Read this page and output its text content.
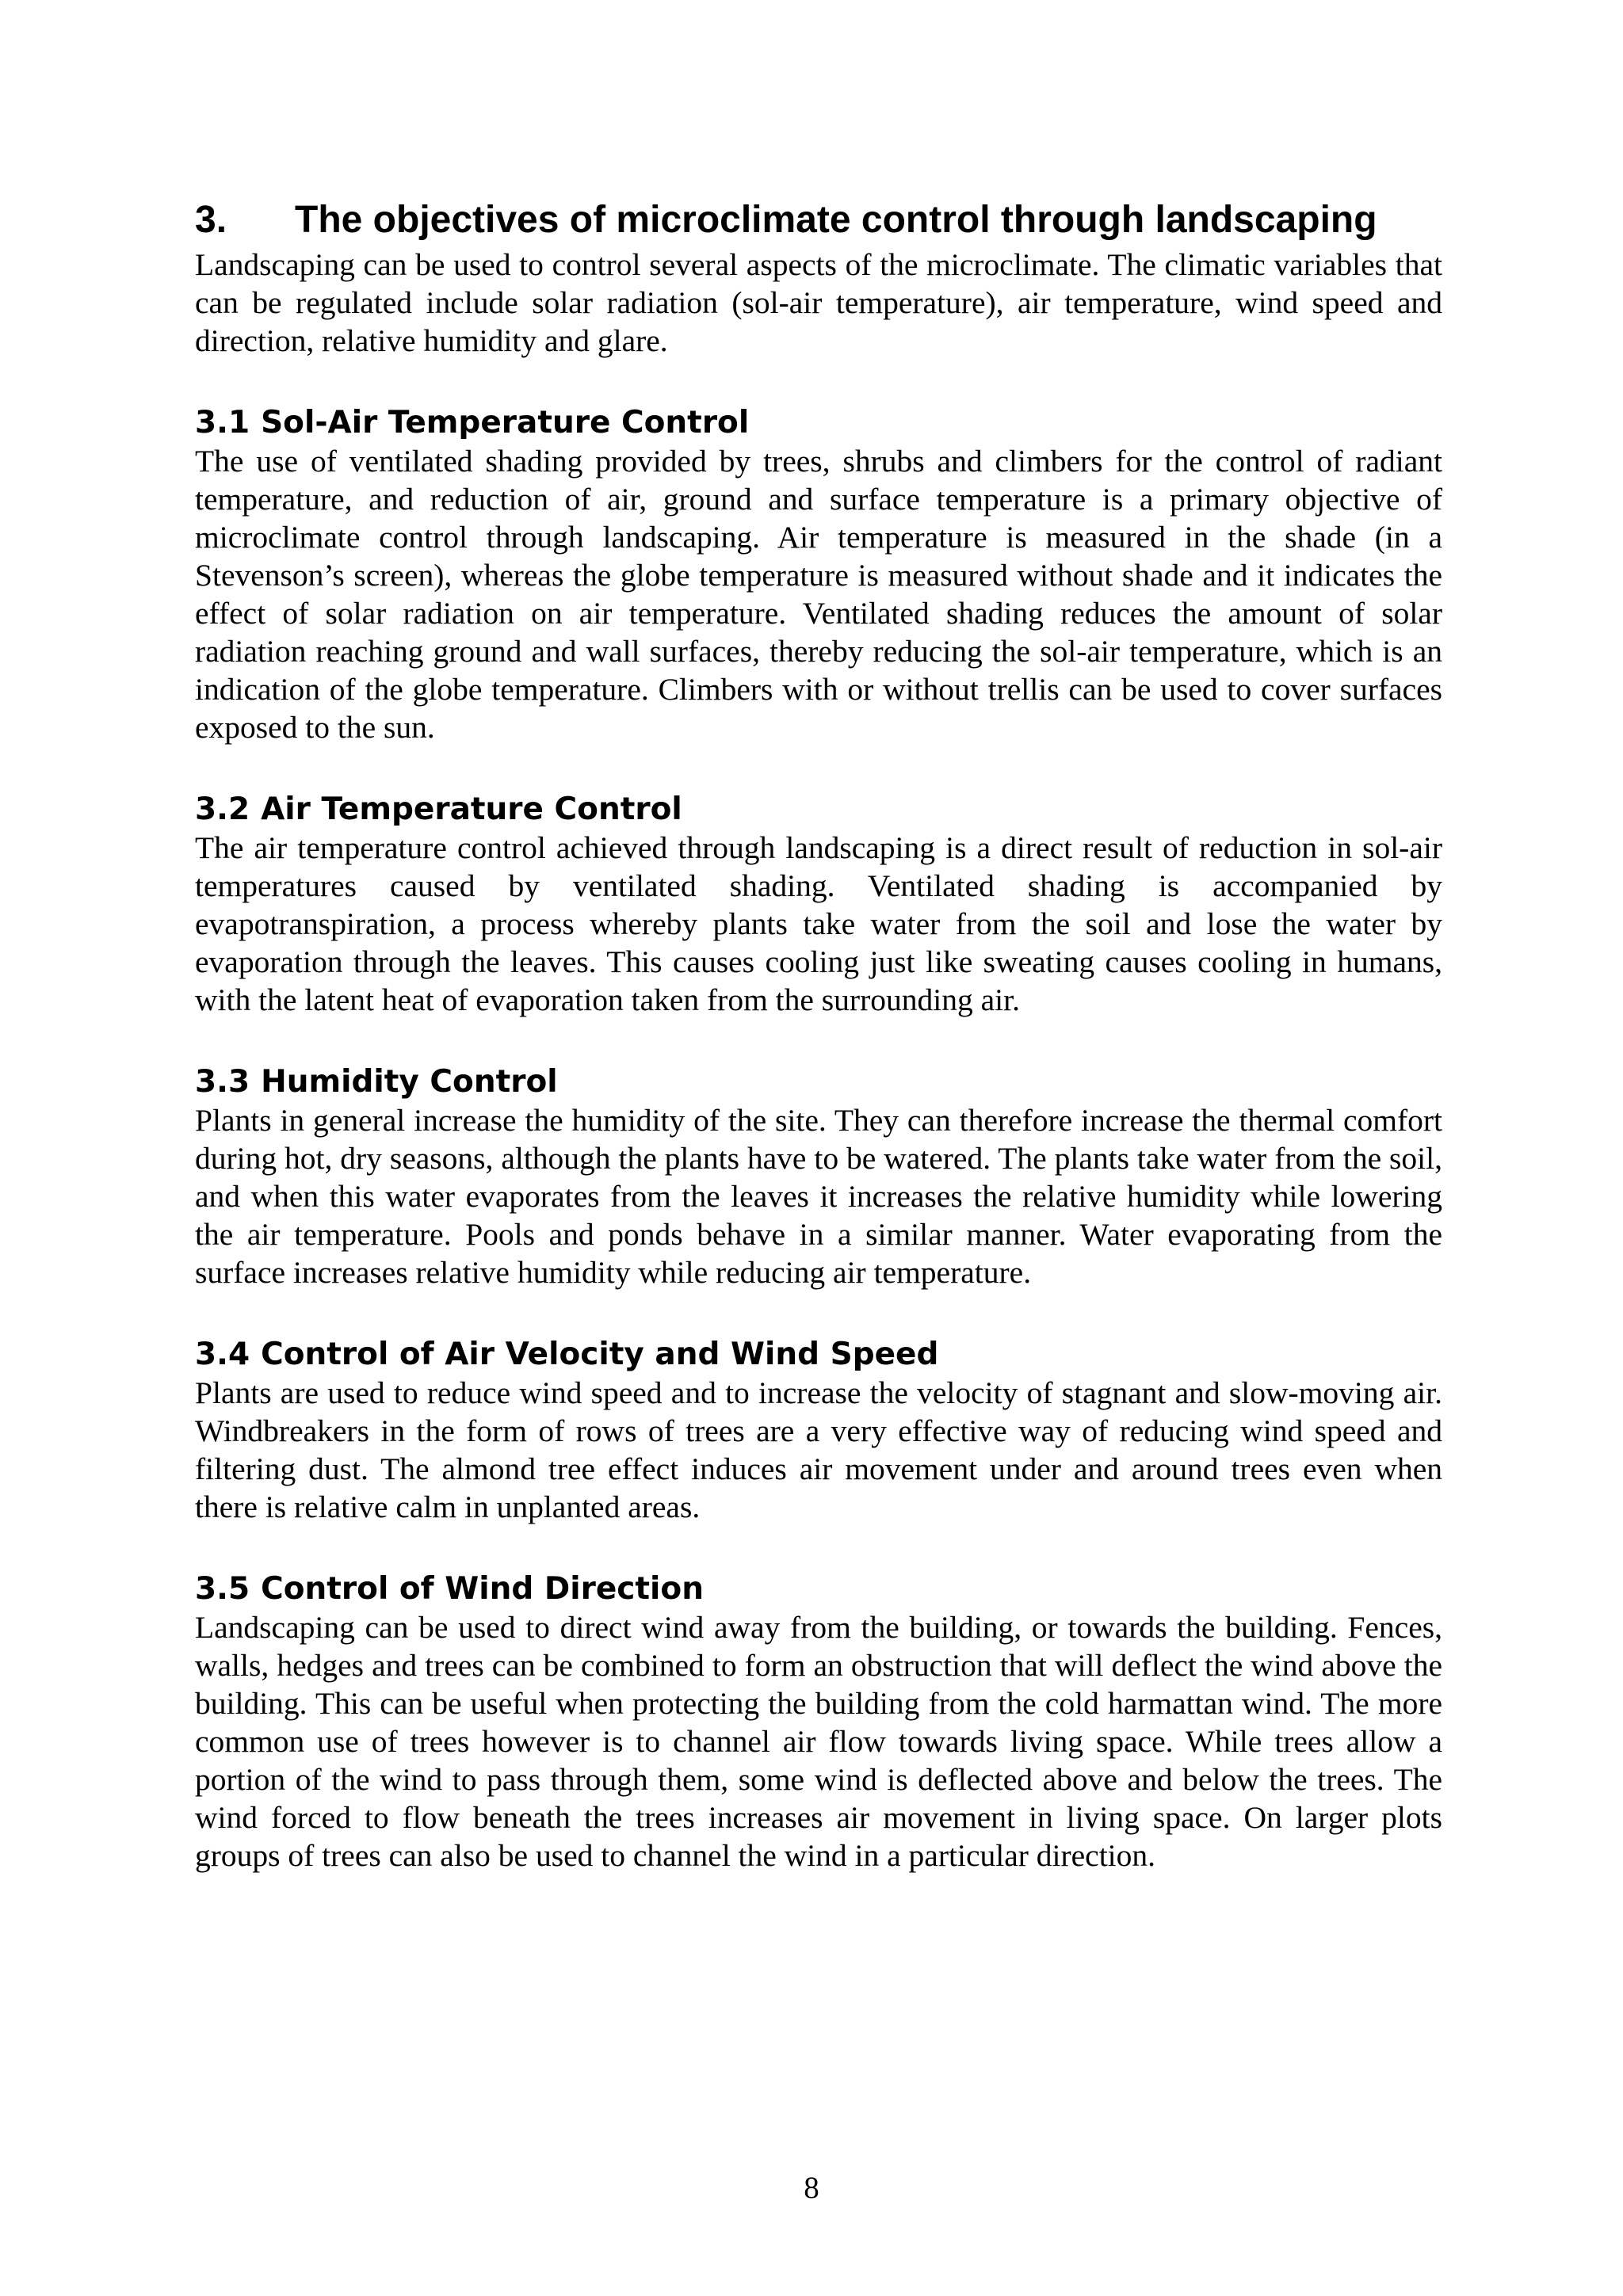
3. The objectives of microclimate control through landscaping

Landscaping can be used to control several aspects of the microclimate. The climatic variables that can be regulated include solar radiation (sol-air temperature), air temperature, wind speed and direction, relative humidity and glare.

3.1 Sol-Air Temperature Control

The use of ventilated shading provided by trees, shrubs and climbers for the control of radiant temperature, and reduction of air, ground and surface temperature is a primary objective of microclimate control through landscaping. Air temperature is measured in the shade (in a Stevenson’s screen), whereas the globe temperature is measured without shade and it indicates the effect of solar radiation on air temperature. Ventilated shading reduces the amount of solar radiation reaching ground and wall surfaces, thereby reducing the sol-air temperature, which is an indication of the globe temperature. Climbers with or without trellis can be used to cover surfaces exposed to the sun.

3.2 Air Temperature Control

The air temperature control achieved through landscaping is a direct result of reduction in sol-air temperatures caused by ventilated shading. Ventilated shading is accompanied by evapotranspiration, a process whereby plants take water from the soil and lose the water by evaporation through the leaves. This causes cooling just like sweating causes cooling in humans, with the latent heat of evaporation taken from the surrounding air.

3.3 Humidity Control

Plants in general increase the humidity of the site. They can therefore increase the thermal comfort during hot, dry seasons, although the plants have to be watered. The plants take water from the soil, and when this water evaporates from the leaves it increases the relative humidity while lowering the air temperature. Pools and ponds behave in a similar manner. Water evaporating from the surface increases relative humidity while reducing air temperature.

3.4 Control of Air Velocity and Wind Speed

Plants are used to reduce wind speed and to increase the velocity of stagnant and slow-moving air. Windbreakers in the form of rows of trees are a very effective way of reducing wind speed and filtering dust. The almond tree effect induces air movement under and around trees even when there is relative calm in unplanted areas.

3.5 Control of Wind Direction

Landscaping can be used to direct wind away from the building, or towards the building. Fences, walls, hedges and trees can be combined to form an obstruction that will deflect the wind above the building. This can be useful when protecting the building from the cold harmattan wind. The more common use of trees however is to channel air flow towards living space. While trees allow a portion of the wind to pass through them, some wind is deflected above and below the trees. The wind forced to flow beneath the trees increases air movement in living space. On larger plots groups of trees can also be used to channel the wind in a particular direction.

8
